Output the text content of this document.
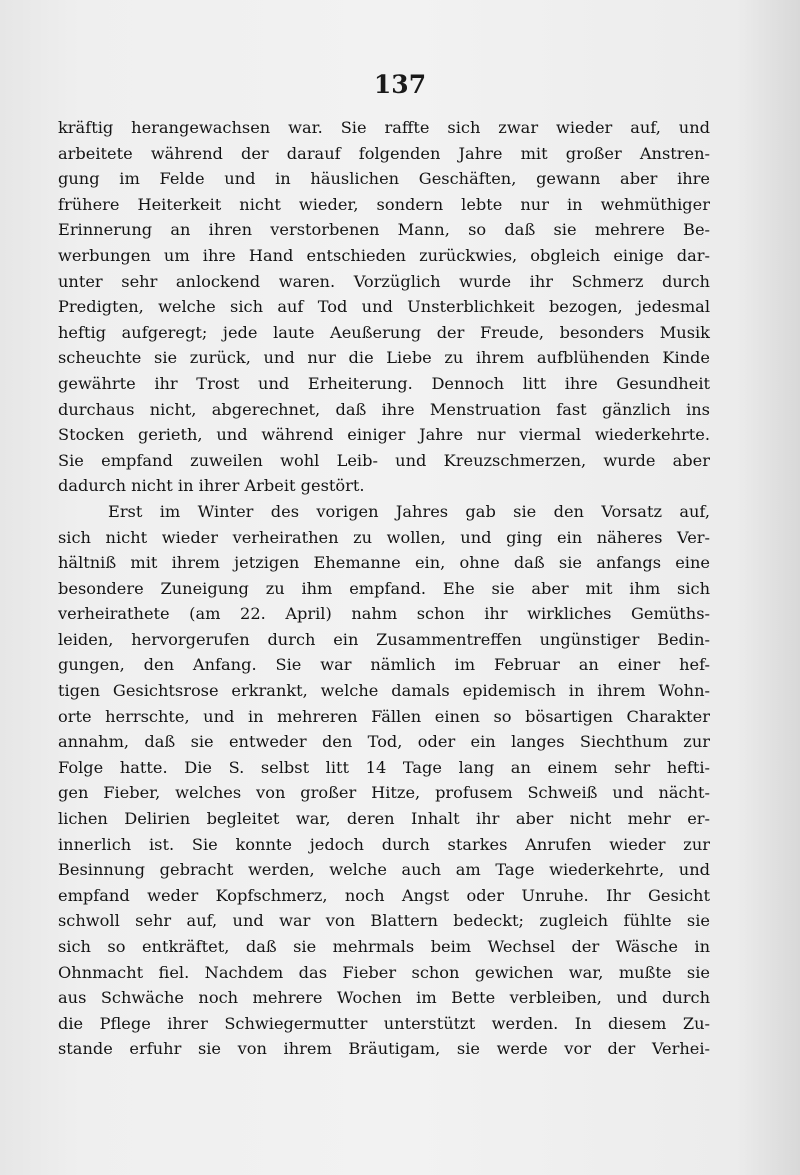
137
kräftig herangewachsen war. Sie raffte sich zwar wieder auf, und
arbeitete während der darauf folgenden Jahre mit großer Anstren-
gung im Felde und in häuslichen Geschäften, gewann aber ihre
frühere Heiterkeit nicht wieder, sondern lebte nur in wehmüthiger
Erinnerung an ihren verstorbenen Mann, so daß sie mehrere Be-
werbungen um ihre Hand entschieden zurückwies, obgleich einige dar-
unter sehr anlockend waren. Vorzüglich wurde ihr Schmerz durch
Predigten, welche sich auf Tod und Unsterblichkeit bezogen, jedesmal
heftig aufgeregt; jede laute Aeußerung der Freude, besonders Musik
scheuchte sie zurück, und nur die Liebe zu ihrem aufblühenden Kinde
gewährte ihr Trost und Erheiterung. Dennoch litt ihre Gesundheit
durchaus nicht, abgerechnet, daß ihre Menstruation fast gänzlich ins
Stocken gerieth, und während einiger Jahre nur viermal wiederkehrte.
Sie empfand zuweilen wohl Leib- und Kreuzschmerzen, wurde aber
dadurch nicht in ihrer Arbeit gestört.
Erst im Winter des vorigen Jahres gab sie den Vorsatz auf,
sich nicht wieder verheirathen zu wollen, und ging ein näheres Ver-
hältniß mit ihrem jetzigen Ehemanne ein, ohne daß sie anfangs eine
besondere Zuneigung zu ihm empfand. Ehe sie aber mit ihm sich
verheirathete (am 22. April) nahm schon ihr wirkliches Gemüths-
leiden, hervorgerufen durch ein Zusammentreffen ungünstiger Bedin-
gungen, den Anfang. Sie war nämlich im Februar an einer hef-
tigen Gesichtsrose erkrankt, welche damals epidemisch in ihrem Wohn-
orte herrschte, und in mehreren Fällen einen so bösartigen Charakter
annahm, daß sie entweder den Tod, oder ein langes Siechthum zur
Folge hatte. Die S. selbst litt 14 Tage lang an einem sehr hefti-
gen Fieber, welches von großer Hitze, profusem Schweiß und nächt-
lichen Delirien begleitet war, deren Inhalt ihr aber nicht mehr er-
innerlich ist. Sie konnte jedoch durch starkes Anrufen wieder zur
Besinnung gebracht werden, welche auch am Tage wiederkehrte, und
empfand weder Kopfschmerz, noch Angst oder Unruhe. Ihr Gesicht
schwoll sehr auf, und war von Blattern bedeckt; zugleich fühlte sie
sich so entkräftet, daß sie mehrmals beim Wechsel der Wäsche in
Ohnmacht fiel. Nachdem das Fieber schon gewichen war, mußte sie
aus Schwäche noch mehrere Wochen im Bette verbleiben, und durch
die Pflege ihrer Schwiegermutter unterstützt werden. In diesem Zu-
stande erfuhr sie von ihrem Bräutigam, sie werde vor der Verhei-
